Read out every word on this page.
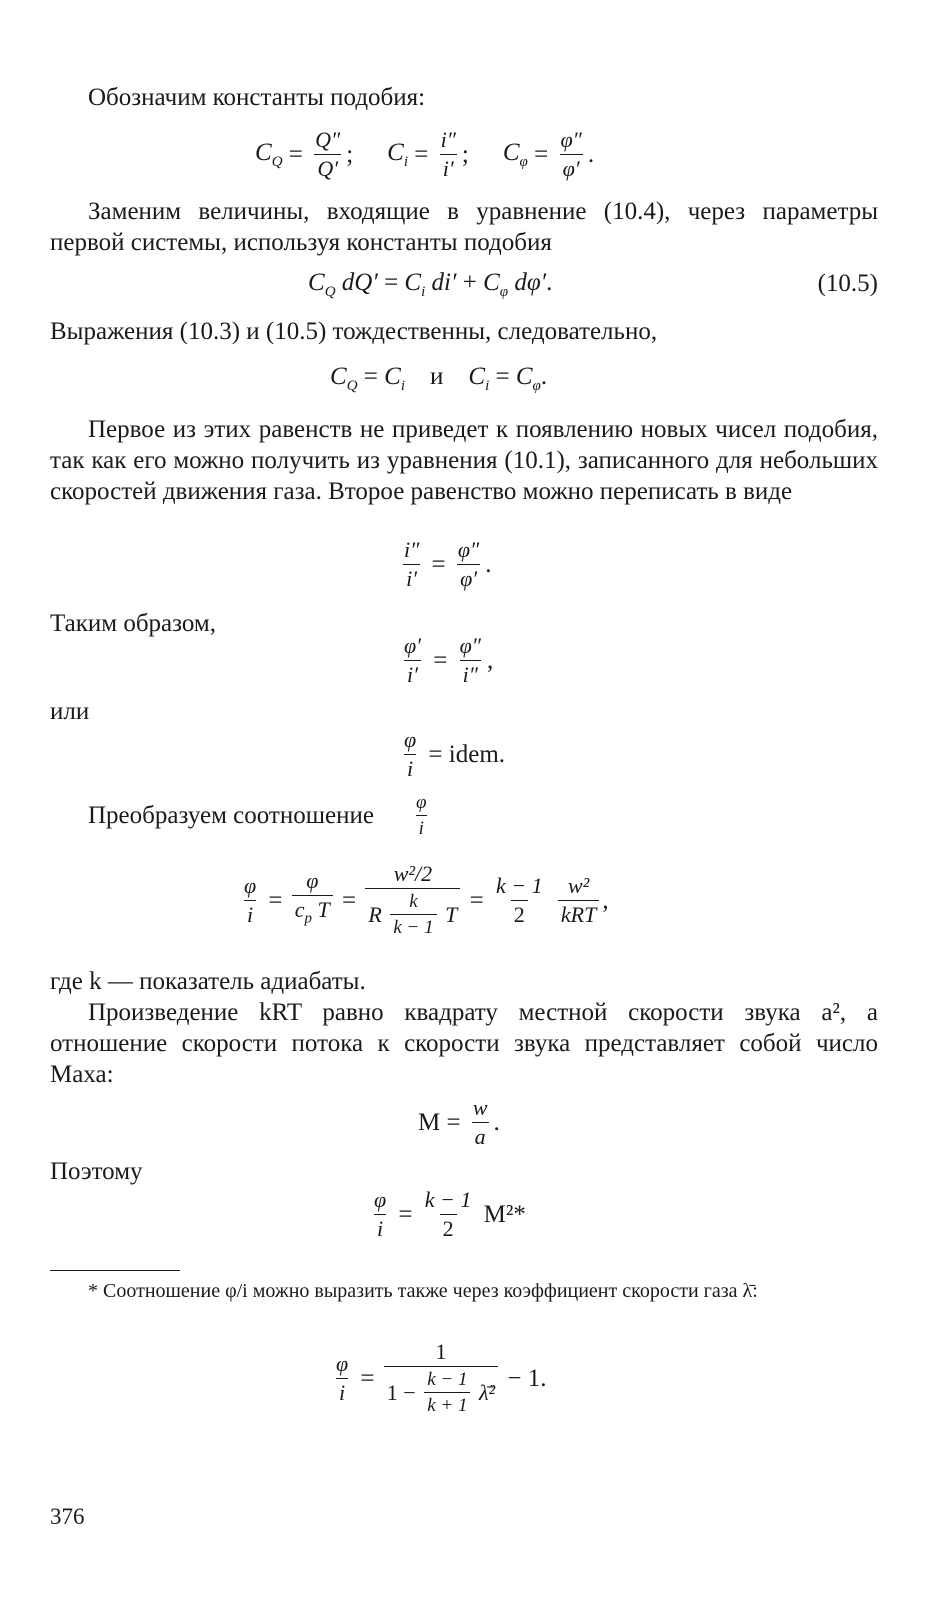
Обозначим константы подобия:
$C_Q = \frac{Q''}{Q'}$ ; $C_i = \frac{i''}{i'}$ ; $C_\varphi = \frac{\varphi''}{\varphi'}$ .
Заменим величины, входящие в уравнение (10.4), через параметры первой системы, используя константы подобия
$C_Q$ $dQ' = C_i$ $di' + C_\varphi$ dφ′.	(10.5)
Выражения (10.3) и (10.5) тождественны, следовательно,
$C_Q = C_i$ и $C_i = C_\varphi$.
Первое из этих равенств не приведет к появлению новых чисел подобия, так как его можно получить из уравнения (10.1), записанного для небольших скоростей движения газа. Второе равенство можно переписать в виде
$\frac{i''}{i'} = \frac{\varphi''}{\varphi'}$ .
Таким образом,
$\frac{\varphi'}{i'} = \frac{\varphi''}{i''}$ ,
или
$\frac{\varphi}{i}$
= idem.
Преобразуем соотношение	$\frac{\varphi}{i}$
$\frac{\varphi}{i} = \frac{\varphi}{c_p T} = w^2/2$
R
$\frac{k}{k - 1}$
$T = \frac{k - 1}{2}$
$\frac{\text{w²}}{\text{kRT}}$ ,
где k — показатель адиабаты.
Произведение kRT равно квадрату местной скорости звука a², а отношение скорости потока к скорости звука представляет собой число Маха:
$M = \frac{w}{a}$ .
Поэтому
$\frac{\varphi}{i} = \frac{k - 1}{2} M^2*$
* Соотношение φ/i можно выразить также через коэффициент скорости газа λ̄:
$\frac{\varphi}{i} = 1$
$1 - \frac{k - 1}{k + 1}$
λ̄² − 1.
376
